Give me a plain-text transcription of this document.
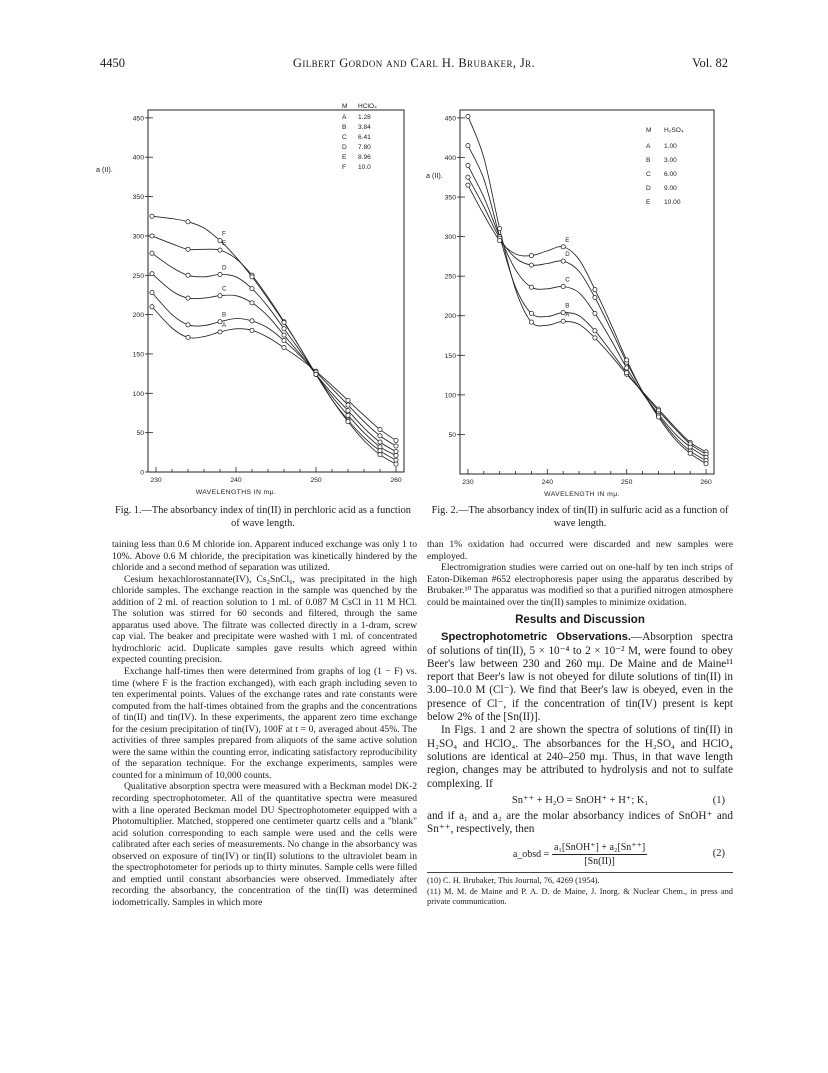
4450	Gilbert Gordon and Carl H. Brubaker, Jr.	Vol. 82
450
400
350
300
250
200
150
100
50
0
230	240	250	260
A
B
C
D
E
F
a (II).
WAVELENGTHS IN mμ.
M HClO₄
A 1.28
B 3.84
C 6.41
D 7.80
E 8.96
F 10.0
450
400
350
300
250
200
150
100
50
230	240	250	260
A
B
C
D
E
a (II).
WAVELENGTH IN mμ.
M H₂SO₄
A 1.00
B 3.00
C 6.00
D 9.00
E 10.00
Fig. 1.—The absorbancy index of tin(II) in perchloric acid as a function of wave length.
Fig. 2.—The absorbancy index of tin(II) in sulfuric acid as a function of wave length.

taining less than 0.6 M chloride ion. Apparent induced exchange was only 1 to 10%. Above 0.6 M chloride, the precipitation was kinetically hindered by the chloride and a second method of separation was utilized.

Cesium hexachlorostannate(IV), Cs₂SnCl₆, was precipitated in the high chloride samples. The exchange reaction in the sample was quenched by the addition of 2 ml. of reaction solution to 1 ml. of 0.087 M CsCl in 11 M HCl. The solution was stirred for 60 seconds and filtered, through the same apparatus used above. The filtrate was collected directly in a 1-dram, screw cap vial. The beaker and precipitate were washed with 1 ml. of concentrated hydrochloric acid. Duplicate samples gave results which agreed within expected counting precision.

Exchange half-times then were determined from graphs of log (1 − F) vs. time (where F is the fraction exchanged), with each graph including seven to ten experimental points. Values of the exchange rates and rate constants were computed from the half-times obtained from the graphs and the concentrations of tin(II) and tin(IV). In these experiments, the apparent zero time exchange for the cesium precipitation of tin(IV), 100F at t = 0, averaged about 45%. The activities of three samples prepared from aliquots of the same active solution were the same within the counting error, indicating satisfactory reproducibility of the separation technique. For the exchange experiments, samples were counted for a minimum of 10,000 counts.

Qualitative absorption spectra were measured with a Beckman model DK-2 recording spectrophotometer. All of the quantitative spectra were measured with a line operated Beckman model DU Spectrophotometer equipped with a Photomultiplier. Matched, stoppered one centimeter quartz cells and a "blank" acid solution corresponding to each sample were used and the cells were calibrated after each series of measurements. No change in the absorbancy was observed on exposure of tin(IV) or tin(II) solutions to the ultraviolet beam in the spectrophotometer for periods up to thirty minutes. Sample cells were filled and emptied until constant absorbancies were observed. Immediately after recording the absorbancy, the concentration of the tin(II) was determined iodometrically. Samples in which more

than 1% oxidation had occurred were discarded and new samples were employed.

Electromigration studies were carried out on one-half by ten inch strips of Eaton-Dikeman #652 electrophoresis paper using the apparatus described by Brubaker.¹⁰ The apparatus was modified so that a purified nitrogen atmosphere could be maintained over the tin(II) samples to minimize oxidation.

Results and Discussion

Spectrophotometric Observations.—Absorption spectra of solutions of tin(II), 5 × 10⁻⁴ to 2 × 10⁻² M, were found to obey Beer's law between 230 and 260 mμ. De Maine and de Maine¹¹ report that Beer's law is not obeyed for dilute solutions of tin(II) in 3.00–10.0 M (Cl⁻). We find that Beer's law is obeyed, even in the presence of Cl⁻, if the concentration of tin(IV) present is kept below 2% of the [Sn(II)].

In Figs. 1 and 2 are shown the spectra of solutions of tin(II) in H₂SO₄ and HClO₄. The absorbances for the H₂SO₄ and HClO₄ solutions are identical at 240–250 mμ. Thus, in that wave length region, changes may be attributed to hydrolysis and not to sulfate complexing. If

Sn⁺⁺ + H₂O = SnOH⁺ + H⁺; K₁	(1)

and if a₁ and a₂ are the molar absorbancy indices of SnOH⁺ and Sn⁺⁺, respectively, then

a_obsd = $\frac{\text{a₁[SnOH⁺] + a₂[Sn⁺⁺]}}{[Sn(II)]}$	(2)
(10) C. H. Brubaker, This Journal, 76, 4269 (1954).
(11) M. M. de Maine and P. A. D. de Maine, J. Inorg. & Nuclear Chem., in press and private communication.
